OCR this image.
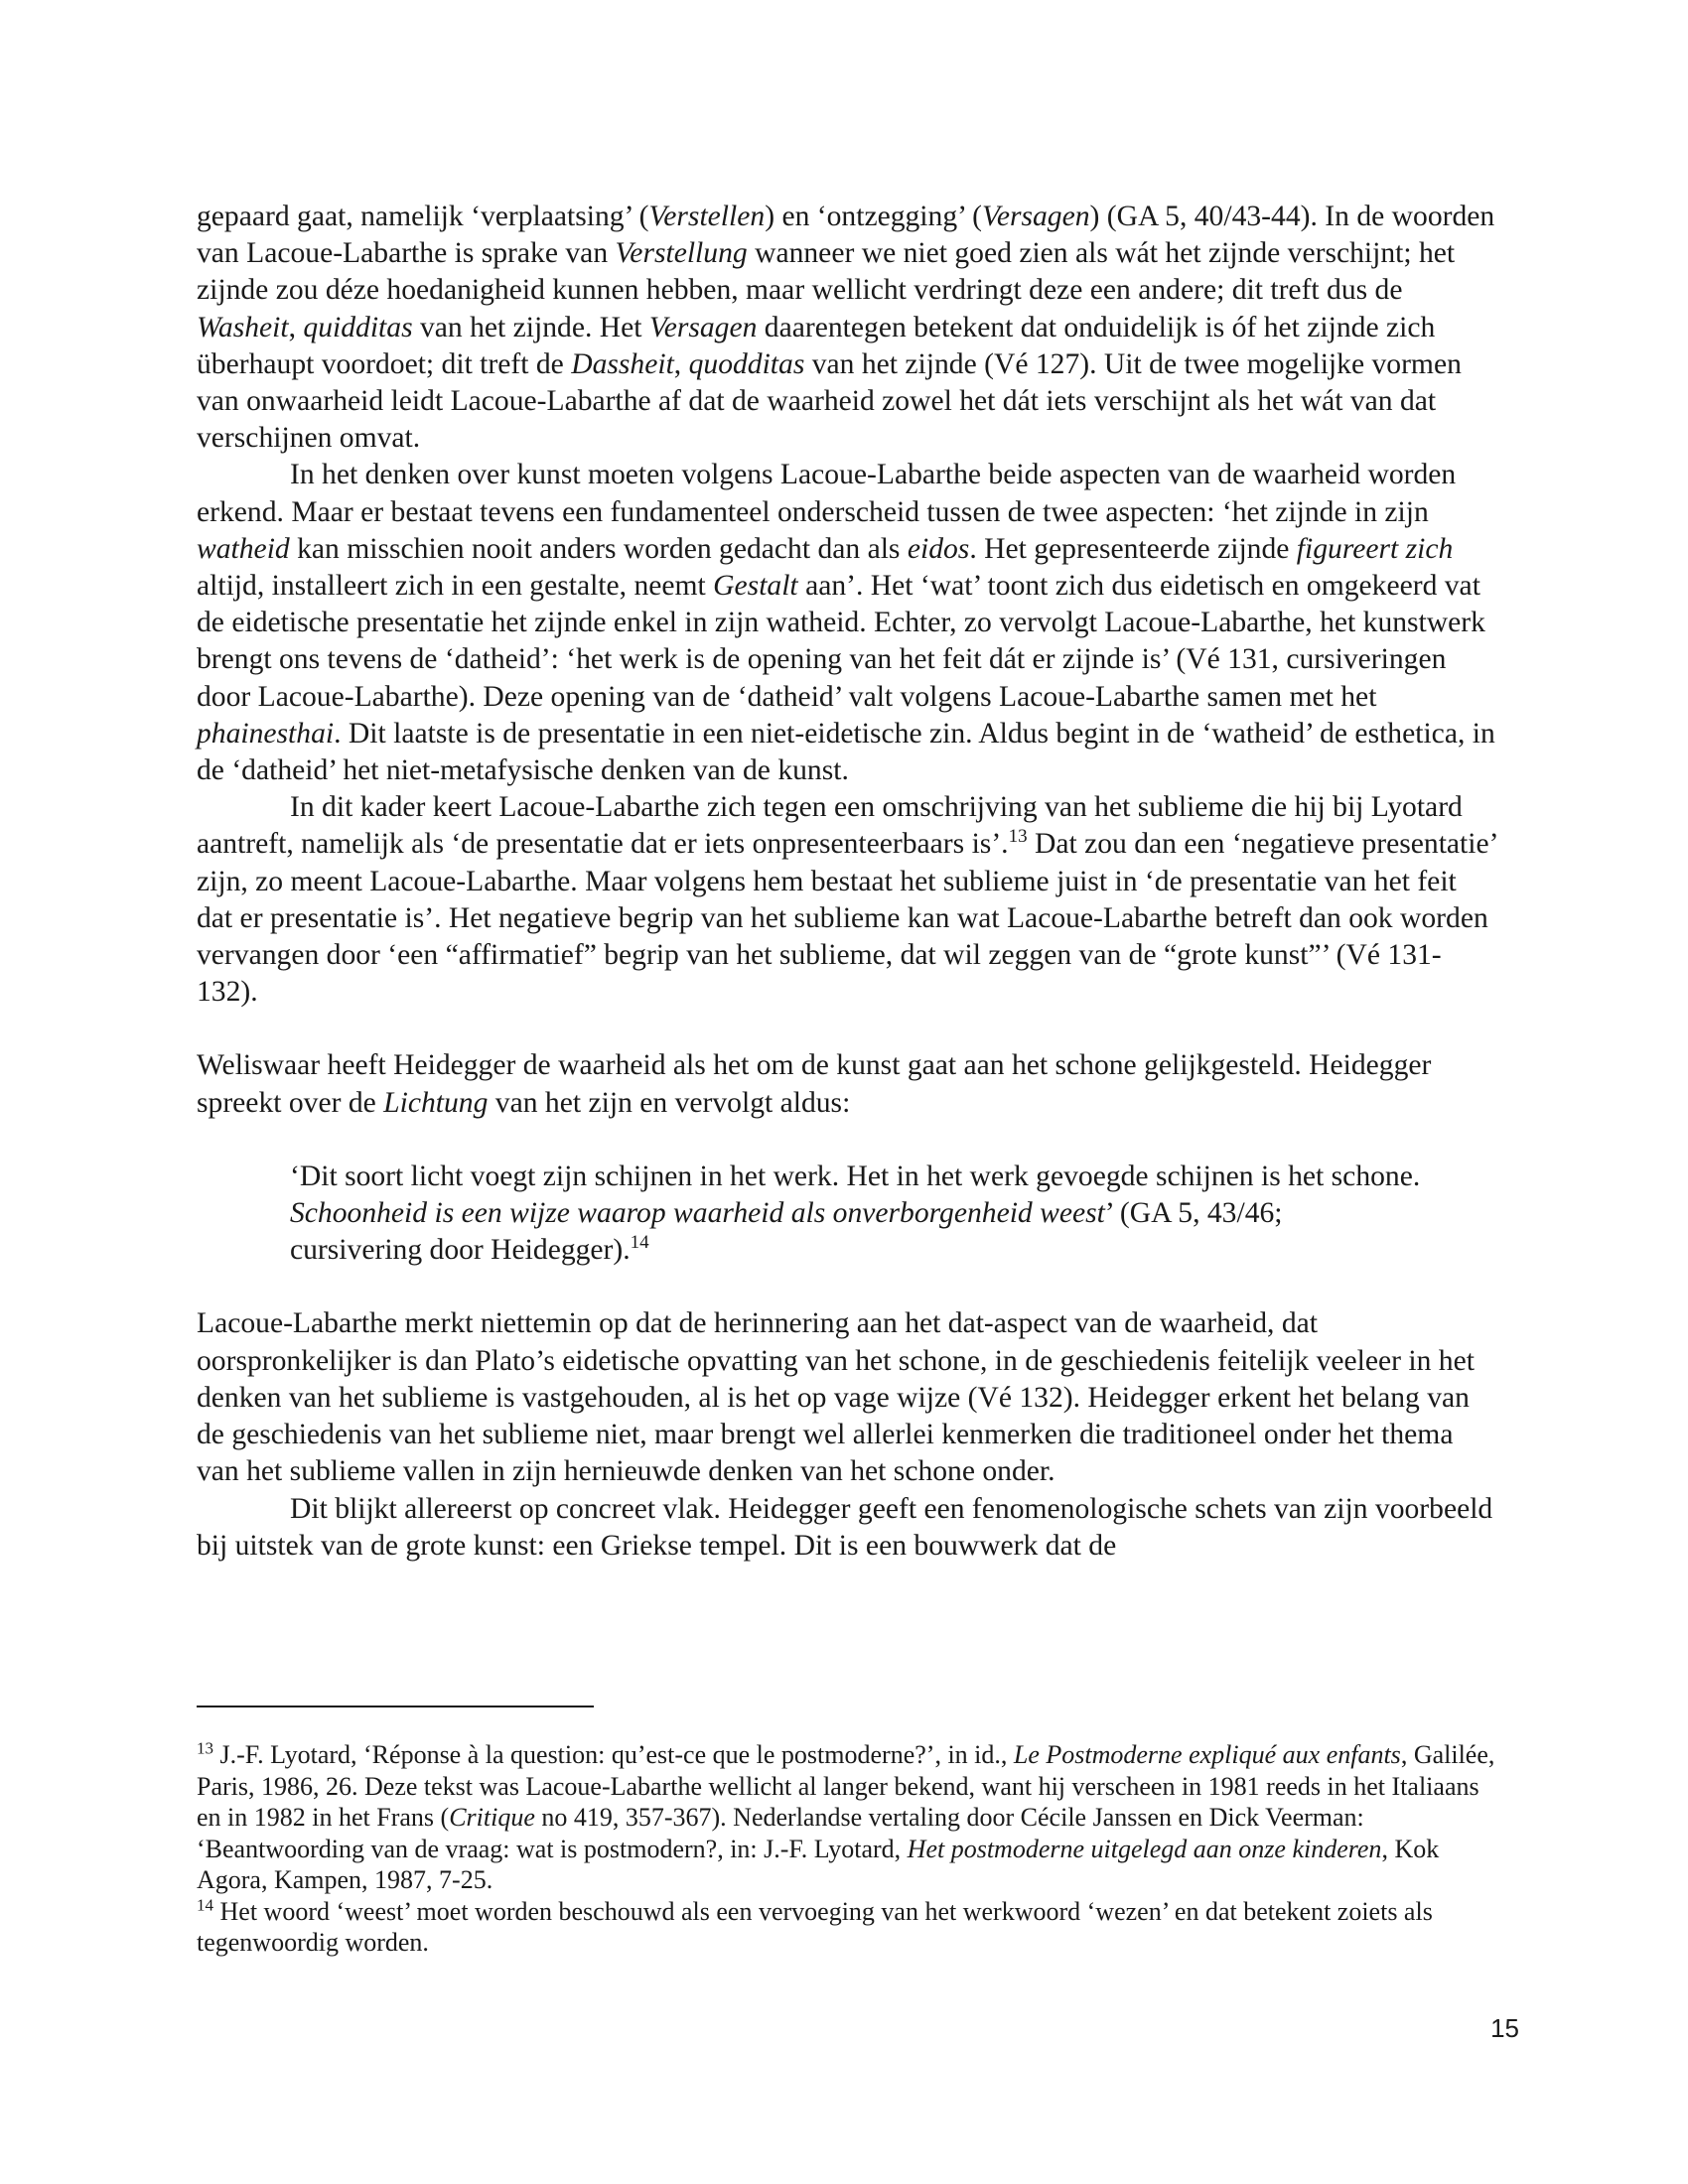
gepaard gaat, namelijk ‘verplaatsing’ (Verstellen) en ‘ontzegging’ (Versagen) (GA 5, 40/43-44). In de woorden van Lacoue-Labarthe is sprake van Verstellung wanneer we niet goed zien als wát het zijnde verschijnt; het zijnde zou déze hoedanigheid kunnen hebben, maar wellicht verdringt deze een andere; dit treft dus de Washeit, quidditas van het zijnde. Het Versagen daarentegen betekent dat onduidelijk is óf het zijnde zich überhaupt voordoet; dit treft de Dassheit, quodditas van het zijnde (Vé 127). Uit de twee mogelijke vormen van onwaarheid leidt Lacoue-Labarthe af dat de waarheid zowel het dát iets verschijnt als het wát van dat verschijnen omvat.

In het denken over kunst moeten volgens Lacoue-Labarthe beide aspecten van de waarheid worden erkend. Maar er bestaat tevens een fundamenteel onderscheid tussen de twee aspecten: ‘het zijnde in zijn watheid kan misschien nooit anders worden gedacht dan als eidos. Het gepresenteerde zijnde figureert zich altijd, installeert zich in een gestalte, neemt Gestalt aan’. Het ‘wat’ toont zich dus eidetisch en omgekeerd vat de eidetische presentatie het zijnde enkel in zijn watheid. Echter, zo vervolgt Lacoue-Labarthe, het kunstwerk brengt ons tevens de ‘datheid’: ‘het werk is de opening van het feit dát er zijnde is’ (Vé 131, cursiveringen door Lacoue-Labarthe). Deze opening van de ‘datheid’ valt volgens Lacoue-Labarthe samen met het phainesthai. Dit laatste is de presentatie in een niet-eidetische zin. Aldus begint in de ‘watheid’ de esthetica, in de ‘datheid’ het niet-metafysische denken van de kunst.

In dit kader keert Lacoue-Labarthe zich tegen een omschrijving van het sublieme die hij bij Lyotard aantreft, namelijk als ‘de presentatie dat er iets onpresenteerbaars is’.$^{13}$ Dat zou dan een ‘negatieve presentatie’ zijn, zo meent Lacoue-Labarthe. Maar volgens hem bestaat het sublieme juist in ‘de presentatie van het feit dat er presentatie is’. Het negatieve begrip van het sublieme kan wat Lacoue-Labarthe betreft dan ook worden vervangen door ‘een “affirmatief” begrip van het sublieme, dat wil zeggen van de “grote kunst”’ (Vé 131-132).

Weliswaar heeft Heidegger de waarheid als het om de kunst gaat aan het schone gelijkgesteld. Heidegger spreekt over de Lichtung van het zijn en vervolgt aldus:

‘Dit soort licht voegt zijn schijnen in het werk. Het in het werk gevoegde schijnen is het schone. Schoonheid is een wijze waarop waarheid als onverborgenheid weest’ (GA 5, 43/46; cursivering door Heidegger).$^{14}$

Lacoue-Labarthe merkt niettemin op dat de herinnering aan het dat-aspect van de waarheid, dat oorspronkelijker is dan Plato’s eidetische opvatting van het schone, in de geschiedenis feitelijk veeleer in het denken van het sublieme is vastgehouden, al is het op vage wijze (Vé 132). Heidegger erkent het belang van de geschiedenis van het sublieme niet, maar brengt wel allerlei kenmerken die traditioneel onder het thema van het sublieme vallen in zijn hernieuwde denken van het schone onder.

Dit blijkt allereerst op concreet vlak. Heidegger geeft een fenomenologische schets van zijn voorbeeld bij uitstek van de grote kunst: een Griekse tempel. Dit is een bouwwerk dat de

$^{13}$ J.-F. Lyotard, ‘Réponse à la question: qu’est-ce que le postmoderne?’, in id., Le Postmoderne expliqué aux enfants, Galilée, Paris, 1986, 26. Deze tekst was Lacoue-Labarthe wellicht al langer bekend, want hij verscheen in 1981 reeds in het Italiaans en in 1982 in het Frans (Critique no 419, 357-367). Nederlandse vertaling door Cécile Janssen en Dick Veerman: ‘Beantwoording van de vraag: wat is postmodern?, in: J.-F. Lyotard, Het postmoderne uitgelegd aan onze kinderen, Kok Agora, Kampen, 1987, 7-25.

$^{14}$ Het woord ‘weest’ moet worden beschouwd als een vervoeging van het werkwoord ‘wezen’ en dat betekent zoiets als tegenwoordig worden.

15
